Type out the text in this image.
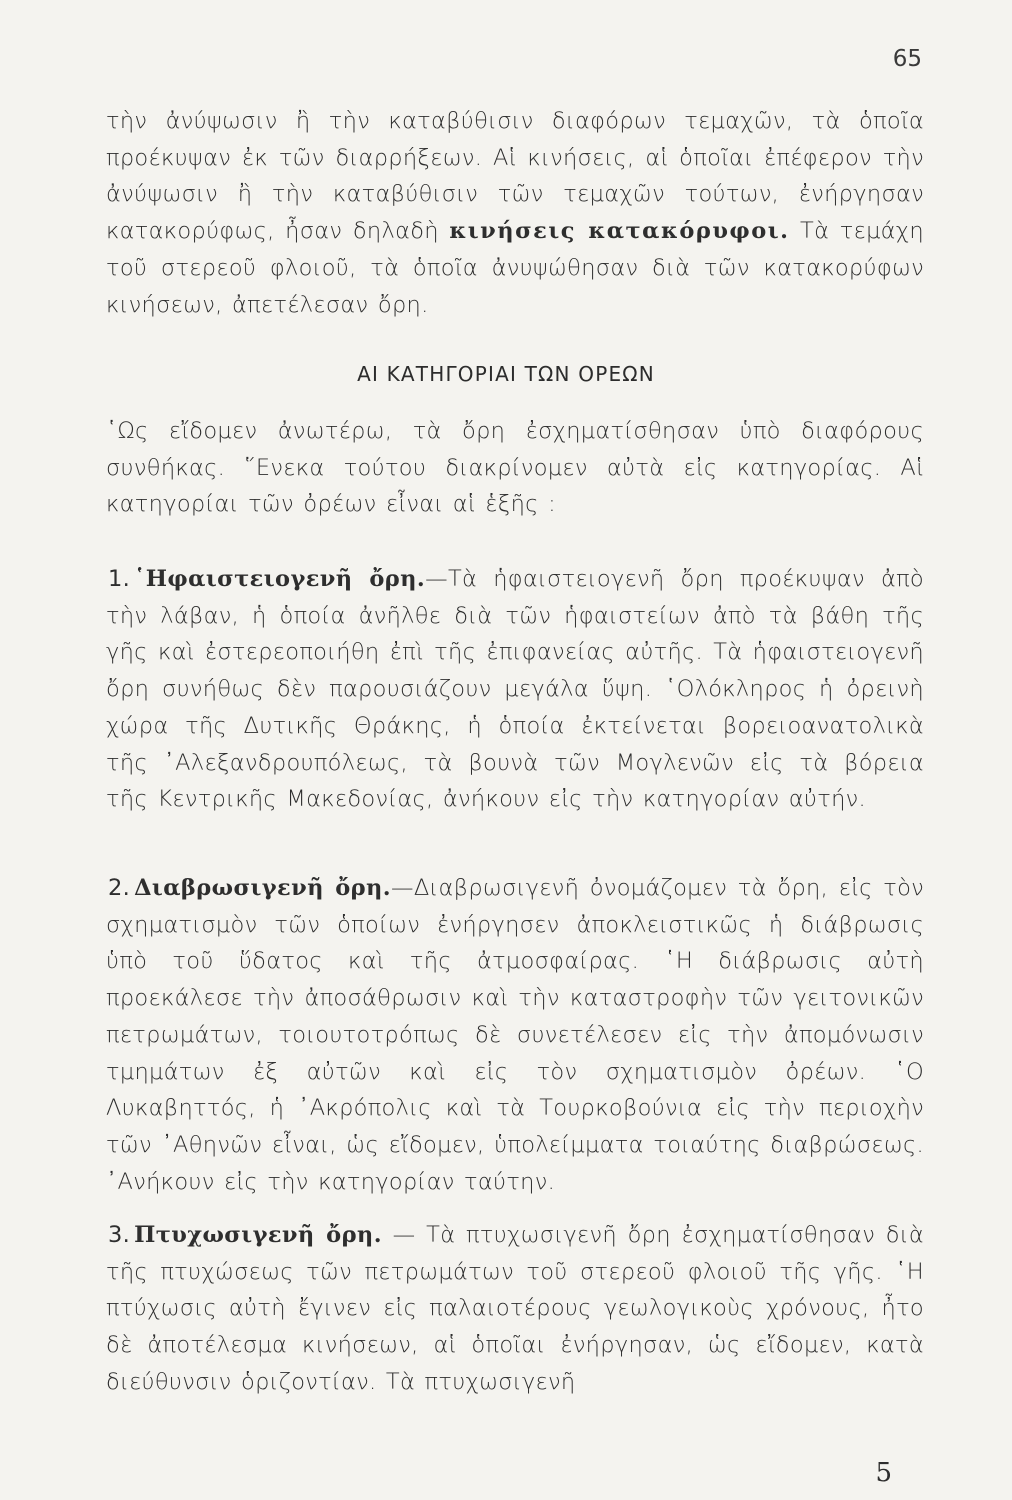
65

τὴν ἀνύψωσιν ἢ τὴν καταβύθισιν διαφόρων τεμαχῶν, τὰ ὁποῖα προέκυψαν ἐκ τῶν διαρρήξεων. Αἱ κινήσεις, αἱ ὁποῖαι ἐπέφερον τὴν ἀνύψωσιν ἢ τὴν καταβύθισιν τῶν τεμαχῶν τούτων, ἐνήργησαν κατακορύφως, ἦσαν δηλαδὴ κινήσεις κατακόρυφοι. Τὰ τεμάχη τοῦ στερεοῦ φλοιοῦ, τὰ ὁποῖα ἀνυψώθησαν διὰ τῶν κατακορύφων κινήσεων, ἀπετέλεσαν ὄρη.

ΑΙ ΚΑΤΗΓΟΡΙΑΙ ΤΩΝ ΟΡΕΩΝ

῾Ως εἴδομεν ἀνωτέρω, τὰ ὄρη ἐσχηματίσθησαν ὑπὸ διαφόρους συνθήκας. ῞Ενεκα τούτου διακρίνομεν αὐτὰ εἰς κατηγορίας. Αἱ κατηγορίαι τῶν ὀρέων εἶναι αἱ ἑξῆς :

1. ῾Ηφαιστειογενῆ ὄρη.—Τὰ ἡφαιστειογενῆ ὄρη προέκυψαν ἀπὸ τὴν λάβαν, ἡ ὁποία ἀνῆλθε διὰ τῶν ἡφαιστείων ἀπὸ τὰ βάθη τῆς γῆς καὶ ἐστερεοποιήθη ἐπὶ τῆς ἐπιφανείας αὐτῆς. Τὰ ἡφαιστειογενῆ ὄρη συνήθως δὲν παρουσιάζουν μεγάλα ὕψη. ῾Ολόκληρος ἡ ὀρεινὴ χώρα τῆς Δυτικῆς Θράκης, ἡ ὁποία ἐκτείνεται βορειοανατολικὰ τῆς ᾿Αλεξανδρουπόλεως, τὰ βουνὰ τῶν Μογλενῶν εἰς τὰ βόρεια τῆς Κεντρικῆς Μακεδονίας, ἀνήκουν εἰς τὴν κατηγορίαν αὐτήν.

2. Διαβρωσιγενῆ ὄρη.—Διαβρωσιγενῆ ὀνομάζομεν τὰ ὄρη, εἰς τὸν σχηματισμὸν τῶν ὁποίων ἐνήργησεν ἀποκλειστικῶς ἡ διάβρωσις ὑπὸ τοῦ ὕδατος καὶ τῆς ἀτμοσφαίρας. ῾Η διάβρωσις αὐτὴ προεκάλεσε τὴν ἀποσάθρωσιν καὶ τὴν καταστροφὴν τῶν γειτονικῶν πετρωμάτων, τοιουτοτρόπως δὲ συνετέλεσεν εἰς τὴν ἀπομόνωσιν τμημάτων ἐξ αὐτῶν καὶ εἰς τὸν σχηματισμὸν ὀρέων. ῾Ο Λυκαβηττός, ἡ ᾿Ακρόπολις καὶ τὰ Τουρκοβούνια εἰς τὴν περιοχὴν τῶν ᾿Αθηνῶν εἶναι, ὡς εἴδομεν, ὑπολείμματα τοιαύτης διαβρώσεως. ᾿Ανήκουν εἰς τὴν κατηγορίαν ταύτην.

3. Πτυχωσιγενῆ ὄρη. — Τὰ πτυχωσιγενῆ ὄρη ἐσχηματίσθησαν διὰ τῆς πτυχώσεως τῶν πετρωμάτων τοῦ στερεοῦ φλοιοῦ τῆς γῆς. ῾Η πτύχωσις αὐτὴ ἔγινεν εἰς παλαιοτέρους γεωλογικοὺς χρόνους, ἦτο δὲ ἀποτέλεσμα κινήσεων, αἱ ὁποῖαι ἐνήργησαν, ὡς εἴδομεν, κατὰ διεύθυνσιν ὁριζοντίαν. Τὰ πτυχωσιγενῆ

5
